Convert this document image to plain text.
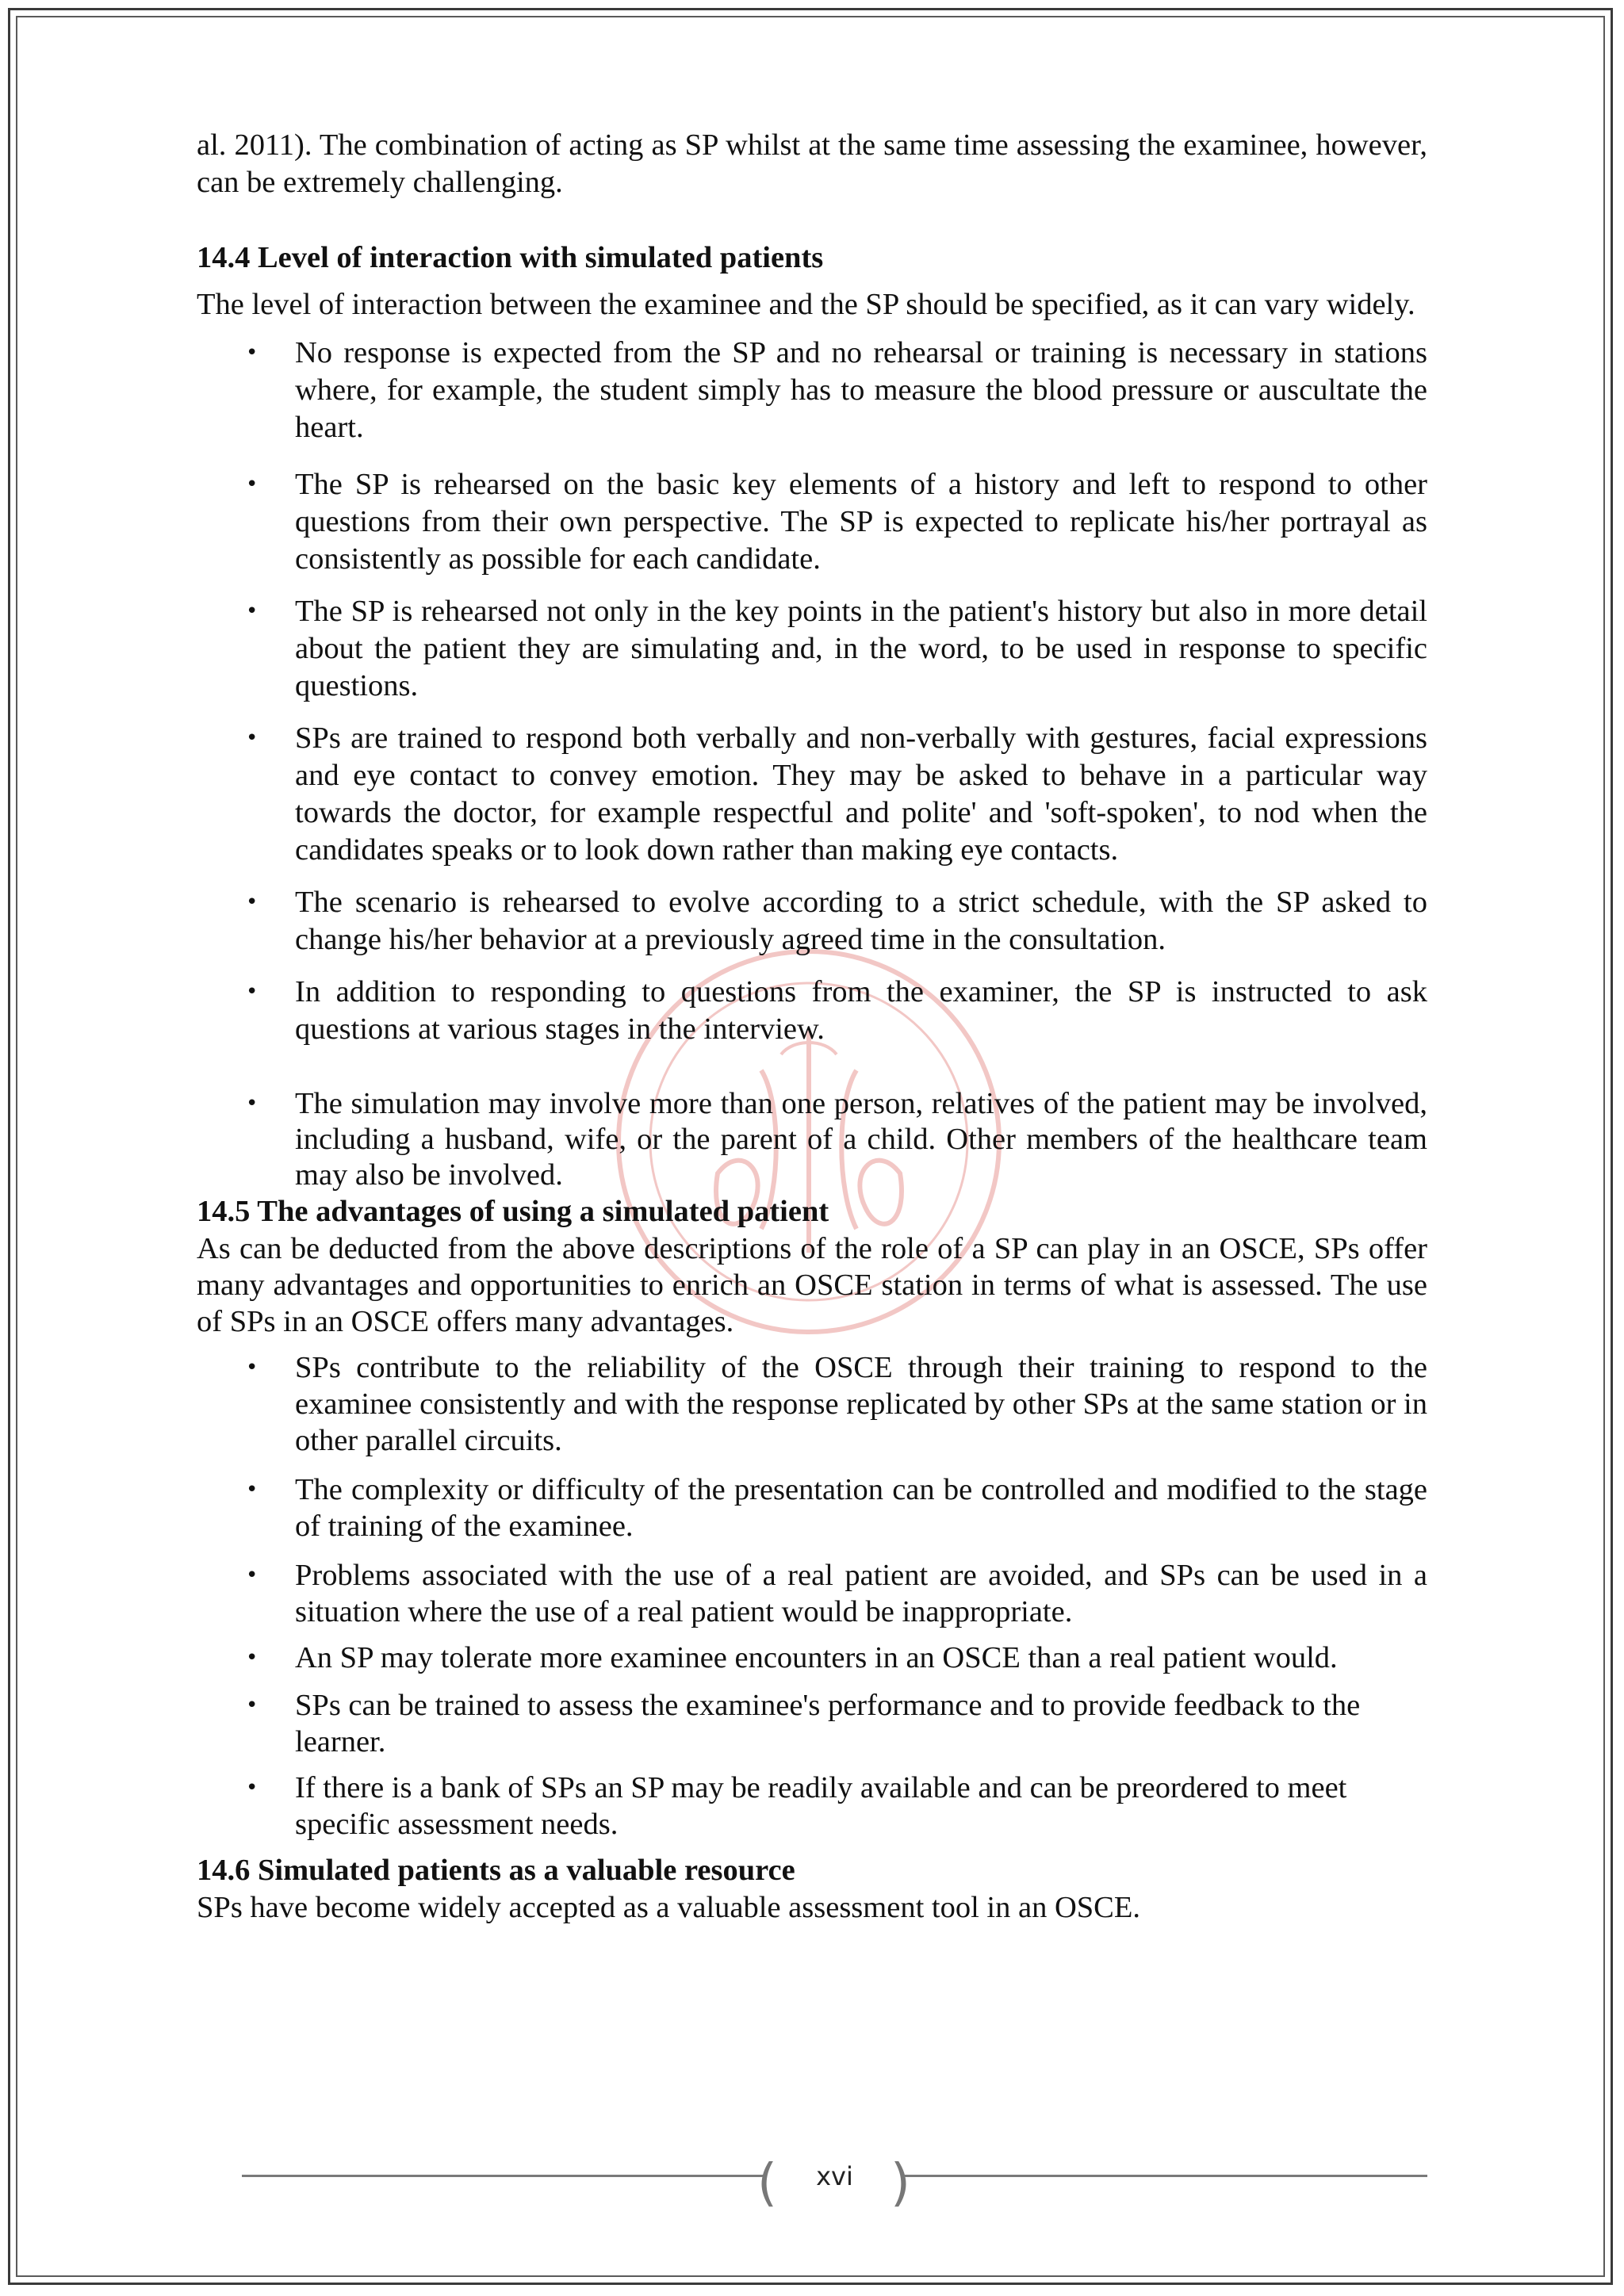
al. 2011). The combination of acting as SP whilst at the same time assessing the examinee, however, can be extremely challenging.

14.4 Level of interaction with simulated patients

The level of interaction between the examinee and the SP should be specified, as it can vary widely.

• No response is expected from the SP and no rehearsal or training is necessary in stations where, for example, the student simply has to measure the blood pressure or auscultate the heart.
• The SP is rehearsed on the basic key elements of a history and left to respond to other questions from their own perspective. The SP is expected to replicate his/her portrayal as consistently as possible for each candidate.
• The SP is rehearsed not only in the key points in the patient's history but also in more detail about the patient they are simulating and, in the word, to be used in response to specific questions.
• SPs are trained to respond both verbally and non-verbally with gestures, facial expressions and eye contact to convey emotion. They may be asked to behave in a particular way towards the doctor, for example respectful and polite' and 'soft-spoken', to nod when the candidates speaks or to look down rather than making eye contacts.
• The scenario is rehearsed to evolve according to a strict schedule, with the SP asked to change his/her behavior at a previously agreed time in the consultation.
• In addition to responding to questions from the examiner, the SP is instructed to ask questions at various stages in the interview.
• The simulation may involve more than one person, relatives of the patient may be involved, including a husband, wife, or the parent of a child. Other members of the healthcare team may also be involved.
14.5 The advantages of using a simulated patient

As can be deducted from the above descriptions of the role of a SP can play in an OSCE, SPs offer many advantages and opportunities to enrich an OSCE station in terms of what is assessed. The use of SPs in an OSCE offers many advantages.

• SPs contribute to the reliability of the OSCE through their training to respond to the examinee consistently and with the response replicated by other SPs at the same station or in other parallel circuits.
• The complexity or difficulty of the presentation can be controlled and modified to the stage of training of the examinee.
• Problems associated with the use of a real patient are avoided, and SPs can be used in a situation where the use of a real patient would be inappropriate.
• An SP may tolerate more examinee encounters in an OSCE than a real patient would.
• SPs can be trained to assess the examinee's performance and to provide feedback to the learner.
• If there is a bank of SPs an SP may be readily available and can be preordered to meet specific assessment needs.
14.6 Simulated patients as a valuable resource

SPs have become widely accepted as a valuable assessment tool in an OSCE.

(	xvi )
